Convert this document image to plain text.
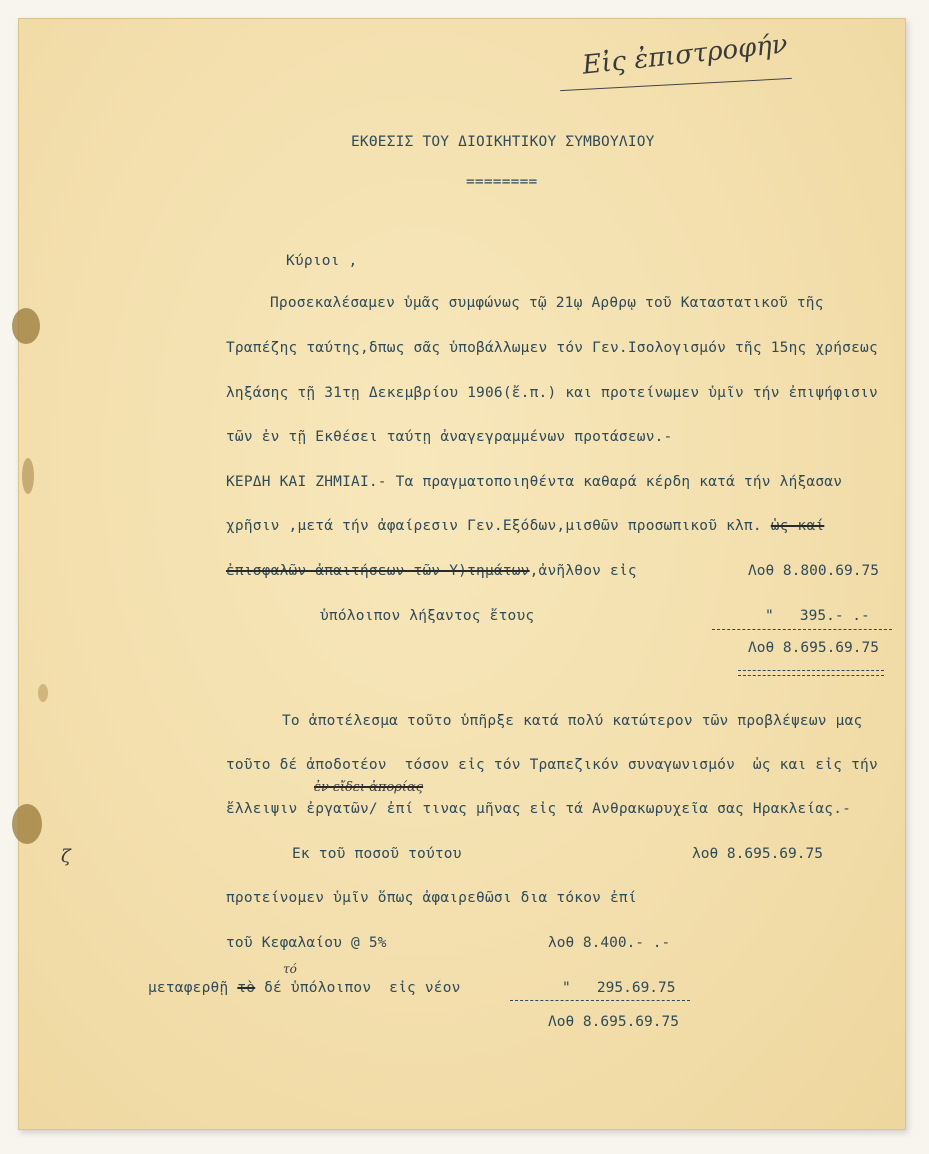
Εἰς ἐπιστροφήν
ΕΚΘΕΣΙΣ ΤΟΥ ΔΙΟΙΚΗΤΙΚΟΥ ΣΥΜΒΟΥΛΙΟΥ
========
Κύριοι ,
Προσεκαλέσαμεν ὑμᾶς συμφώνως τῷ 21ῳ Αρθρῳ τοῦ Καταστατικοῦ τῆς
Τραπέζης ταύτης,δπως σᾶς ὑποβάλλωμεν τόν Γεν.Ισολογισμόν τῆς 15ης χρήσεως
ληξάσης τῇ 31τῃ Δεκεμβρίου 1906(ἔ.π.) και προτείνωμεν ὑμῖν τήν ἐπιψήφισιν
τῶν ἐν τῇ Εκθέσει ταύτῃ ἀναγεγραμμένων προτάσεων.-
ΚΕΡΔΗ ΚΑΙ ΖΗΜΙΑΙ.- Τα πραγματοποιηθέντα καθαρά κέρδη κατά τήν λήξασαν
χρῆσιν ,μετά τήν ἀφαίρεσιν Γεν.Εξόδων,μισθῶν προσωπικοῦ κλπ. ὡς καί
ἐπισφαλῶν ἀπαιτήσεων τῶν Υ)τημάτων,ἀνῆλθον εἰς	Λοθ 8.800.69.75
ὑπόλοιπον λήξαντος ἔτους	"   395.- .-
Λοθ 8.695.69.75
Το ἀποτέλεσμα τοῦτο ὑπῆρξε κατά πολύ κατώτερον τῶν προβλέψεων μας
τοῦτο δέ ἀποδοτέον  τόσον εἰς τόν Τραπεζικόν συναγωνισμόν  ὡς και εἰς τήν
ἐν εἴδει ἀπορίας
ἔλλειψιν ἐργατῶν/ ἐπί τινας μῆνας εἰς τά Ανθρακωρυχεῖα σας Ηρακλείας.-
ζ	Εκ τοῦ ποσοῦ τούτου	λοθ 8.695.69.75
προτείνομεν ὑμῖν ὅπως ἀφαιρεθῶσι δια τόκον ἐπί
τοῦ Κεφαλαίου @ 5%	λοθ 8.400.- .-
τό
μεταφερθῇ τὸ δέ ὑπόλοιπον  εἰς νέον	"   295.69.75
Λοθ 8.695.69.75
